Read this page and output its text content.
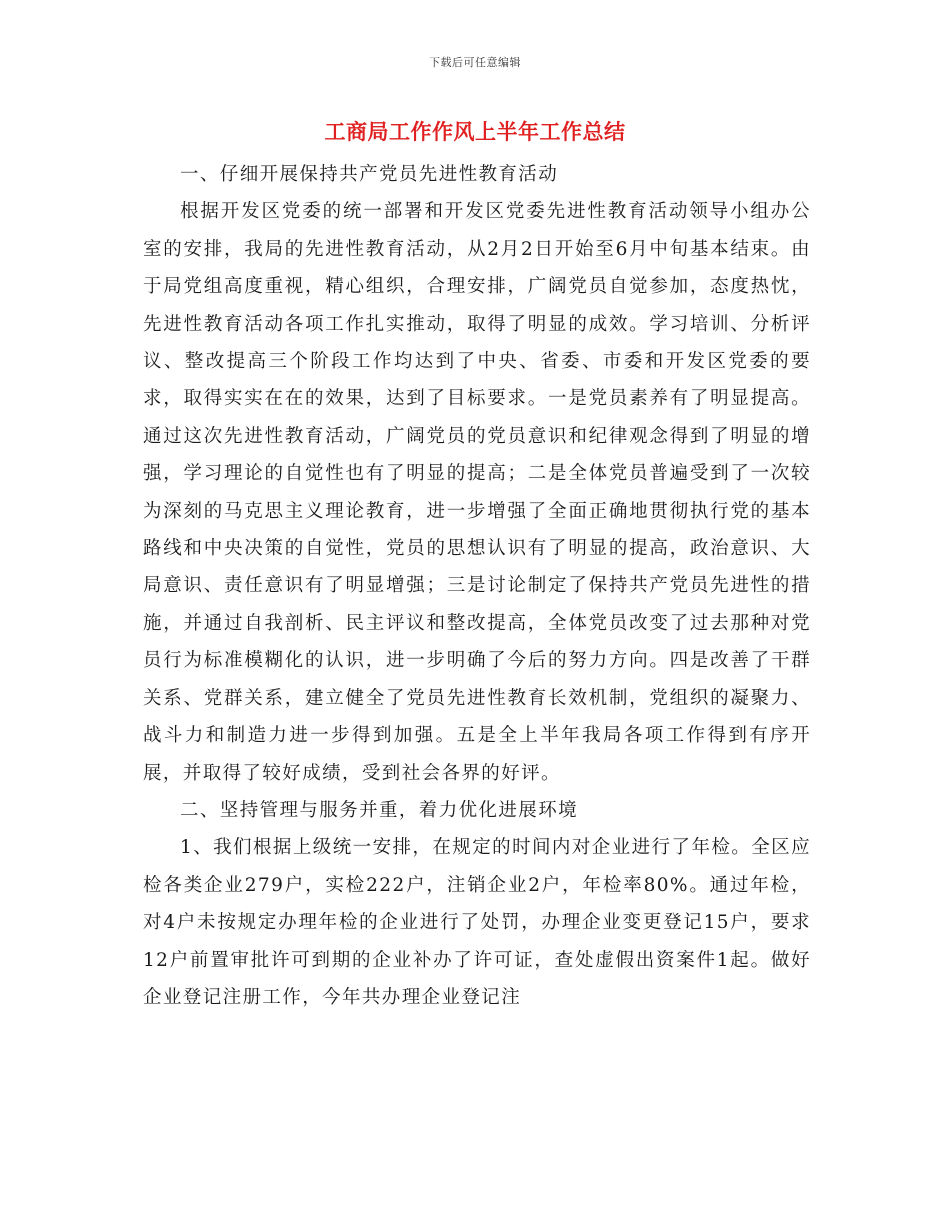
下载后可任意编辑
工商局工作作风上半年工作总结

一、仔细开展保持共产党员先进性教育活动

根据开发区党委的统一部署和开发区党委先进性教育活动领导小组办公室的安排，我局的先进性教育活动，从2月2日开始至6月中旬基本结束。由于局党组高度重视，精心组织，合理安排，广阔党员自觉参加，态度热忱，先进性教育活动各项工作扎实推动，取得了明显的成效。学习培训、分析评议、整改提高三个阶段工作均达到了中央、省委、市委和开发区党委的要求，取得实实在在的效果，达到了目标要求。一是党员素养有了明显提高。通过这次先进性教育活动，广阔党员的党员意识和纪律观念得到了明显的增强，学习理论的自觉性也有了明显的提高；二是全体党员普遍受到了一次较为深刻的马克思主义理论教育，进一步增强了全面正确地贯彻执行党的基本路线和中央决策的自觉性，党员的思想认识有了明显的提高，政治意识、大局意识、责任意识有了明显增强；三是讨论制定了保持共产党员先进性的措施，并通过自我剖析、民主评议和整改提高，全体党员改变了过去那种对党员行为标准模糊化的认识，进一步明确了今后的努力方向。四是改善了干群关系、党群关系，建立健全了党员先进性教育长效机制，党组织的凝聚力、战斗力和制造力进一步得到加强。五是全上半年我局各项工作得到有序开展，并取得了较好成绩，受到社会各界的好评。

二、坚持管理与服务并重，着力优化进展环境

1、我们根据上级统一安排，在规定的时间内对企业进行了年检。全区应检各类企业279户，实检222户，注销企业2户，年检率80%。通过年检，对4户未按规定办理年检的企业进行了处罚，办理企业变更登记15户，要求12户前置审批许可到期的企业补办了许可证，查处虚假出资案件1起。做好企业登记注册工作，今年共办理企业登记注
